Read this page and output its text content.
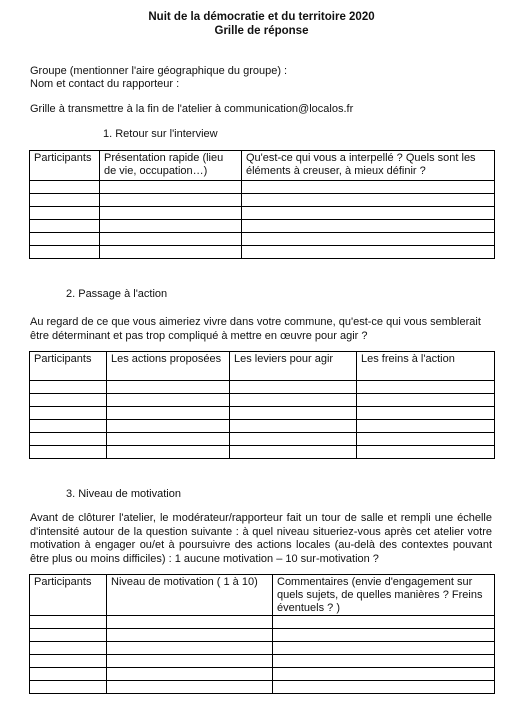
Nuit de la démocratie et du territoire 2020
Grille de réponse
Groupe (mentionner l'aire géographique du groupe) :
Nom et contact du rapporteur :
Grille à transmettre à la fin de l'atelier à communication@localos.fr
1. Retour sur l'interview
Participants	Présentation rapide (lieu de vie, occupation…)	Qu'est-ce qui vous a interpellé ? Quels sont les éléments à creuser, à mieux définir ?

2. Passage à l'action
Au regard de ce que vous aimeriez vivre dans votre commune, qu'est-ce qui vous semblerait être déterminant et pas trop compliqué à mettre en œuvre pour agir ?
Participants	Les actions proposées	Les leviers pour agir	Les freins à l'action

3. Niveau de motivation
Avant de clôturer l'atelier, le modérateur/rapporteur fait un tour de salle et rempli une échelle d'intensité autour de la question suivante : à quel niveau situeriez-vous après cet atelier votre motivation à engager ou/et à poursuivre des actions locales (au-delà des contextes pouvant être plus ou moins difficiles) : 1 aucune motivation – 10 sur-motivation ?
Participants	Niveau de motivation ( 1 à 10)	Commentaires (envie d'engagement sur quels sujets, de quelles manières ? Freins éventuels ? )
